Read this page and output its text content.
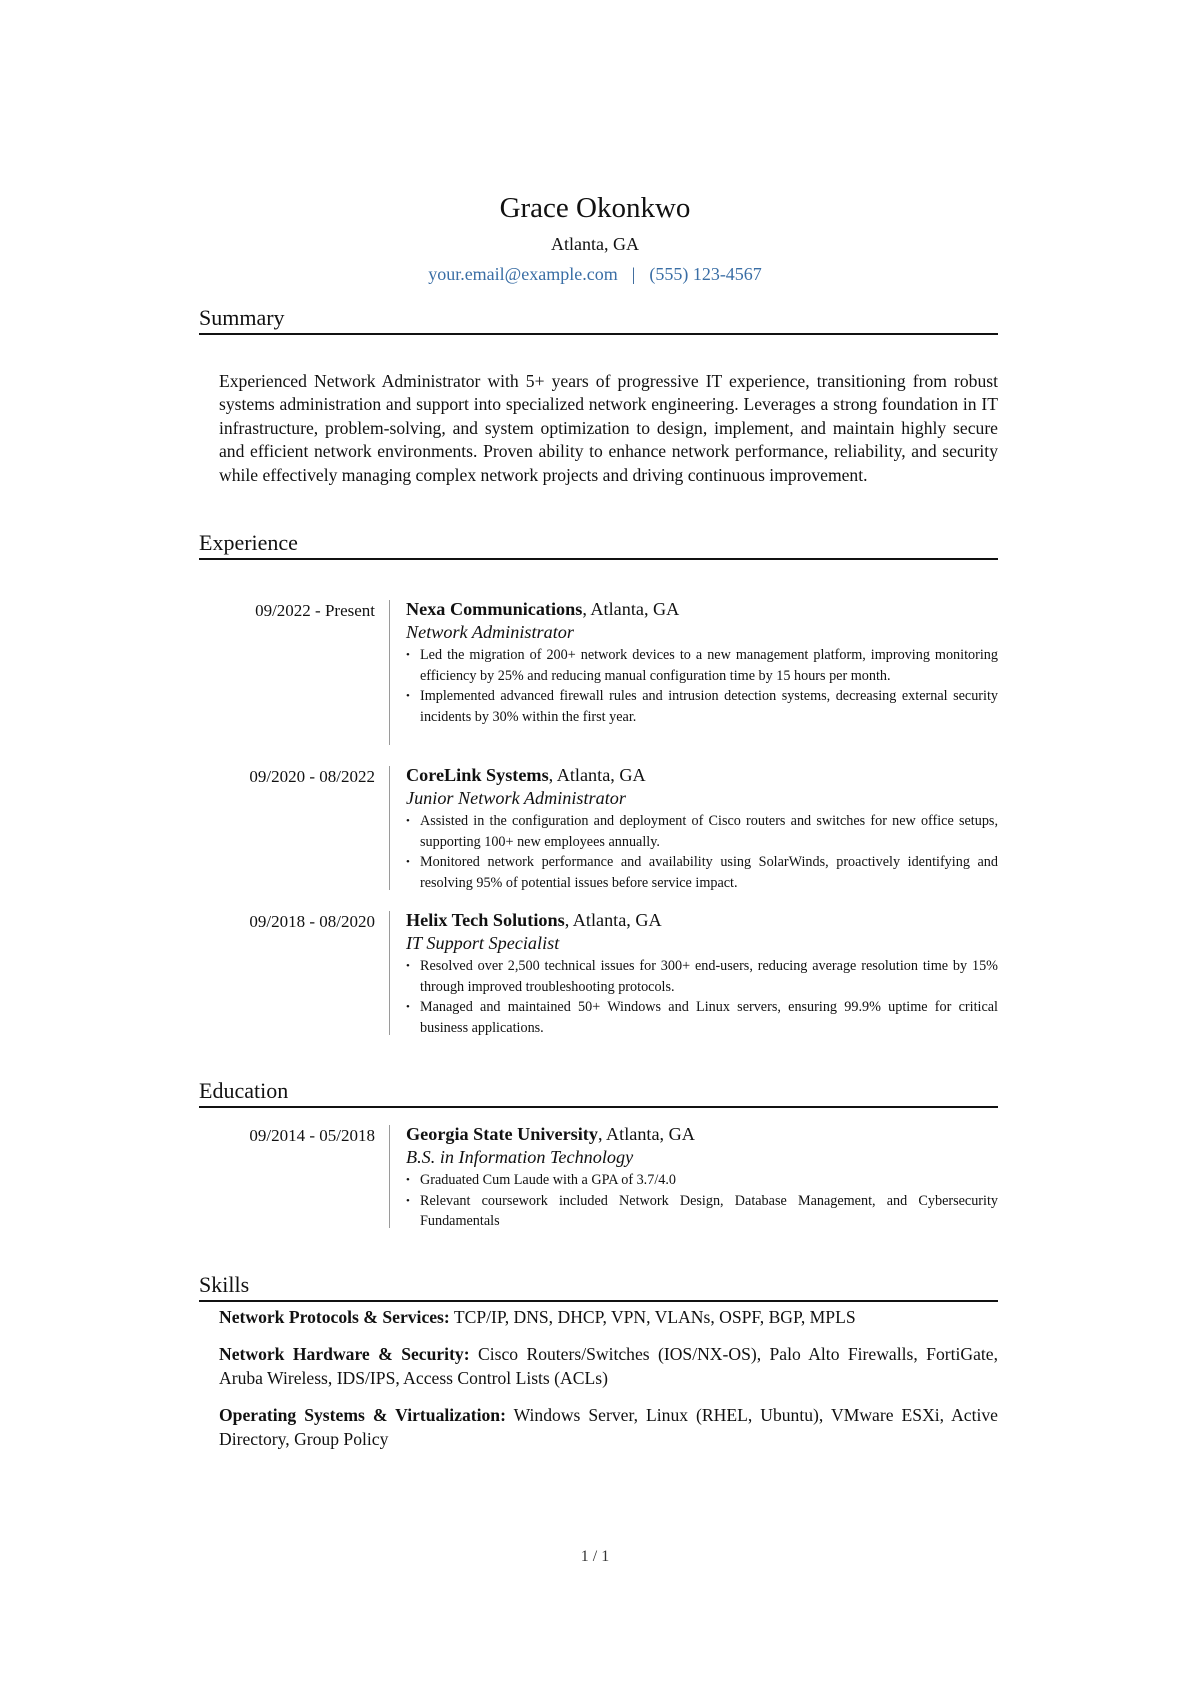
Grace Okonkwo
Atlanta, GA
your.email@example.com | (555) 123-4567
Summary
Experienced Network Administrator with 5+ years of progressive IT experience, transitioning from robust systems administration and support into specialized network engineering. Leverages a strong foundation in IT infrastructure, problem-solving, and system optimization to design, implement, and maintain highly secure and efficient network environments. Proven ability to enhance network performance, reliability, and security while effectively managing complex network projects and driving continuous improvement.
Experience
09/2022 - Present Nexa Communications, Atlanta, GA
Network Administrator
• Led the migration of 200+ network devices to a new management platform, improving monitoring efficiency by 25% and reducing manual configuration time by 15 hours per month.
• Implemented advanced firewall rules and intrusion detection systems, decreasing external security incidents by 30% within the first year.
09/2020 - 08/2022 CoreLink Systems, Atlanta, GA
Junior Network Administrator
• Assisted in the configuration and deployment of Cisco routers and switches for new office setups, supporting 100+ new employees annually.
• Monitored network performance and availability using SolarWinds, proactively identifying and resolving 95% of potential issues before service impact.
09/2018 - 08/2020 Helix Tech Solutions, Atlanta, GA
IT Support Specialist
• Resolved over 2,500 technical issues for 300+ end-users, reducing average resolution time by 15% through improved troubleshooting protocols.
• Managed and maintained 50+ Windows and Linux servers, ensuring 99.9% uptime for critical business applications.
Education
09/2014 - 05/2018 Georgia State University, Atlanta, GA
B.S. in Information Technology
• Graduated Cum Laude with a GPA of 3.7/4.0
• Relevant coursework included Network Design, Database Management, and Cybersecurity Fundamentals
Skills
Network Protocols & Services: TCP/IP, DNS, DHCP, VPN, VLANs, OSPF, BGP, MPLS
Network Hardware & Security: Cisco Routers/Switches (IOS/NX-OS), Palo Alto Firewalls, FortiGate, Aruba Wireless, IDS/IPS, Access Control Lists (ACLs)
Operating Systems & Virtualization: Windows Server, Linux (RHEL, Ubuntu), VMware ESXi, Active Directory, Group Policy
1 / 1
